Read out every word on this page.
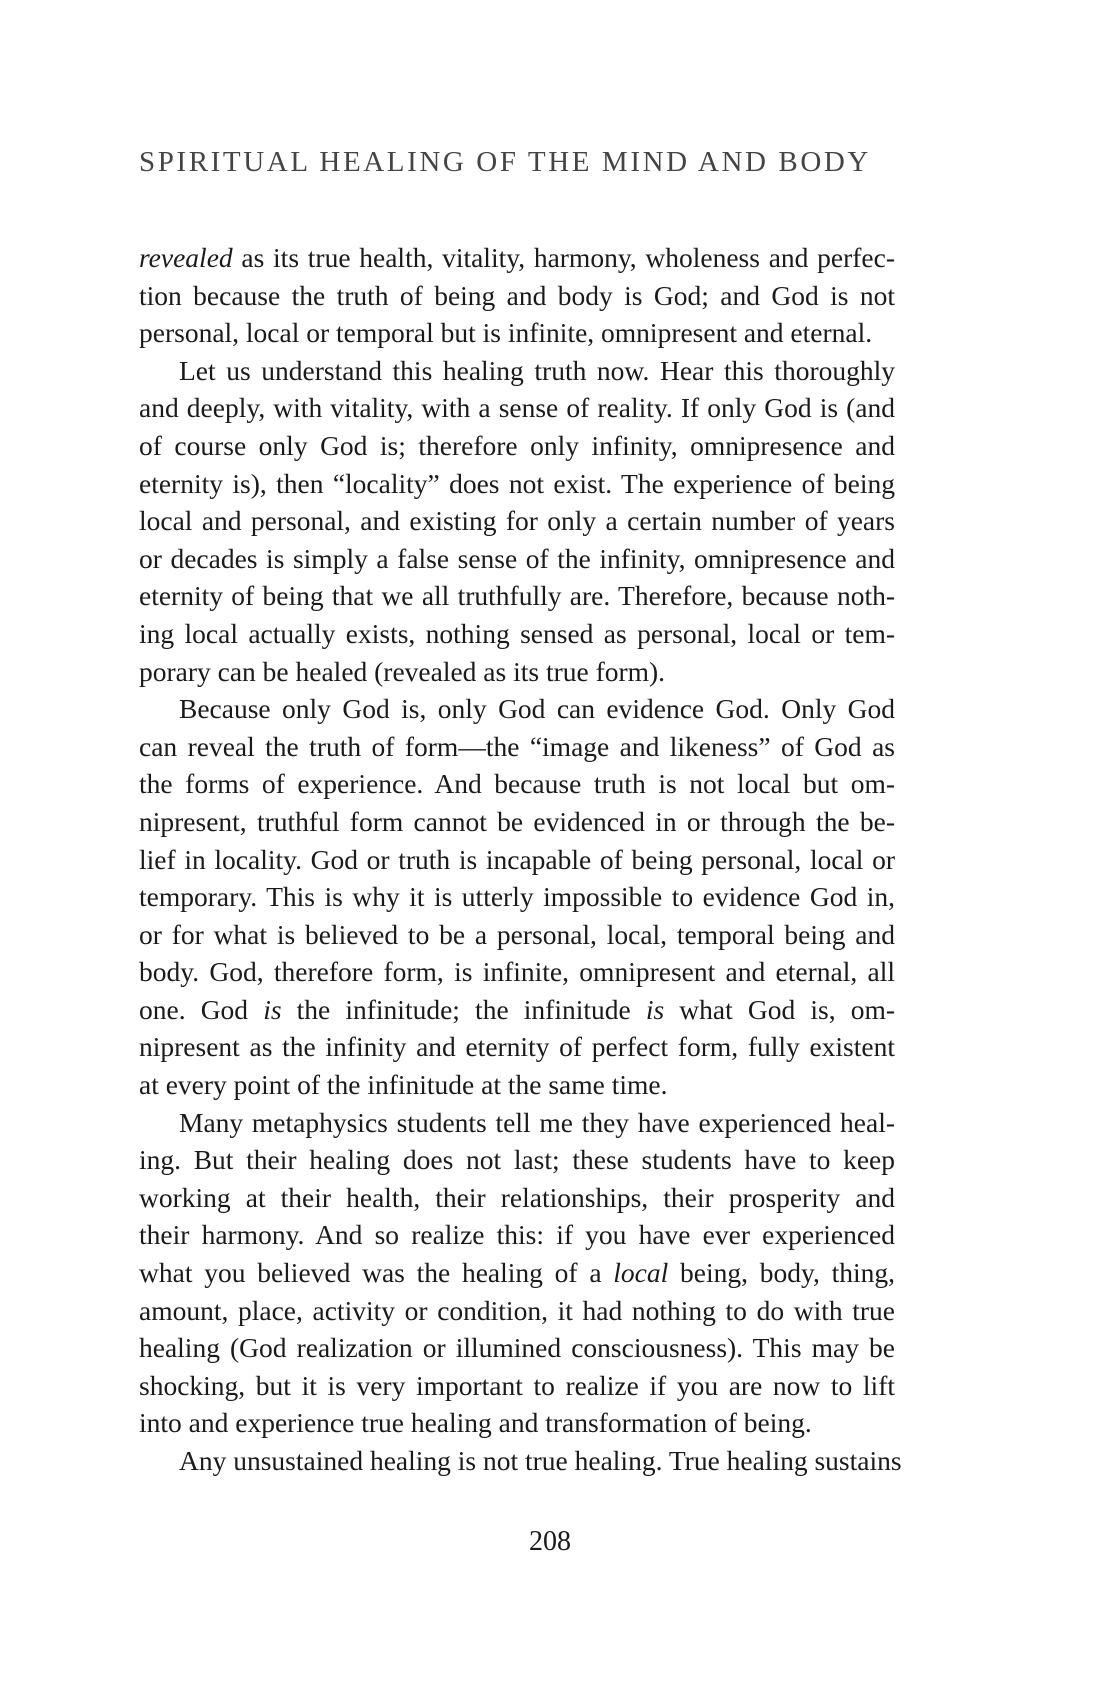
SPIRITUAL HEALING OF THE MIND AND BODY
revealed as its true health, vitality, harmony, wholeness and perfec-
tion because the truth of being and body is God; and God is not
personal, local or temporal but is infinite, omnipresent and eternal.
Let us understand this healing truth now. Hear this thoroughly
and deeply, with vitality, with a sense of reality. If only God is (and
of course only God is; therefore only infinity, omnipresence and
eternity is), then “locality” does not exist. The experience of being
local and personal, and existing for only a certain number of years
or decades is simply a false sense of the infinity, omnipresence and
eternity of being that we all truthfully are. Therefore, because noth-
ing local actually exists, nothing sensed as personal, local or tem-
porary can be healed (revealed as its true form).
Because only God is, only God can evidence God. Only God
can reveal the truth of form—the “image and likeness” of God as
the forms of experience. And because truth is not local but om-
nipresent, truthful form cannot be evidenced in or through the be-
lief in locality. God or truth is incapable of being personal, local or
temporary. This is why it is utterly impossible to evidence God in,
or for what is believed to be a personal, local, temporal being and
body. God, therefore form, is infinite, omnipresent and eternal, all
one. God is the infinitude; the infinitude is what God is, om-
nipresent as the infinity and eternity of perfect form, fully existent
at every point of the infinitude at the same time.
Many metaphysics students tell me they have experienced heal-
ing. But their healing does not last; these students have to keep
working at their health, their relationships, their prosperity and
their harmony. And so realize this: if you have ever experienced
what you believed was the healing of a local being, body, thing,
amount, place, activity or condition, it had nothing to do with true
healing (God realization or illumined consciousness). This may be
shocking, but it is very important to realize if you are now to lift
into and experience true healing and transformation of being.
Any unsustained healing is not true healing. True healing sustains
208
